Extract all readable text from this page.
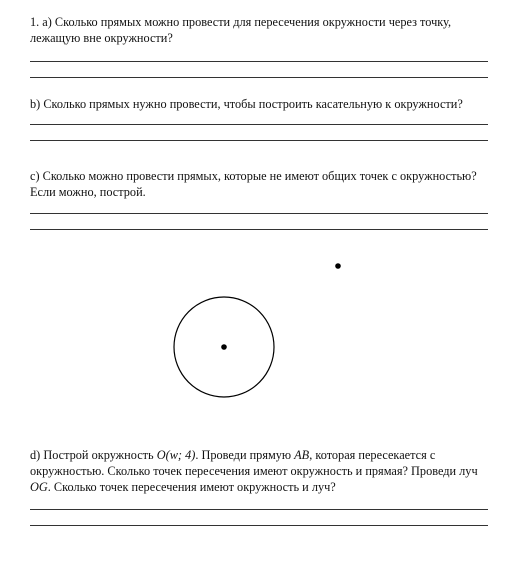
1. a) Сколько прямых можно провести для пересечения окружности через точку, лежащую вне окружности?

b) Сколько прямых нужно провести, чтобы построить касательную к окружности?

c) Сколько можно провести прямых, которые не имеют общих точек с окружностью? Если можно, построй.

d) Построй окружность O(w; 4). Проведи прямую AB, которая пересекается с окружностью. Сколько точек пересечения имеют окружность и прямая? Проведи луч OG. Сколько точек пересечения имеют окружность и луч?
